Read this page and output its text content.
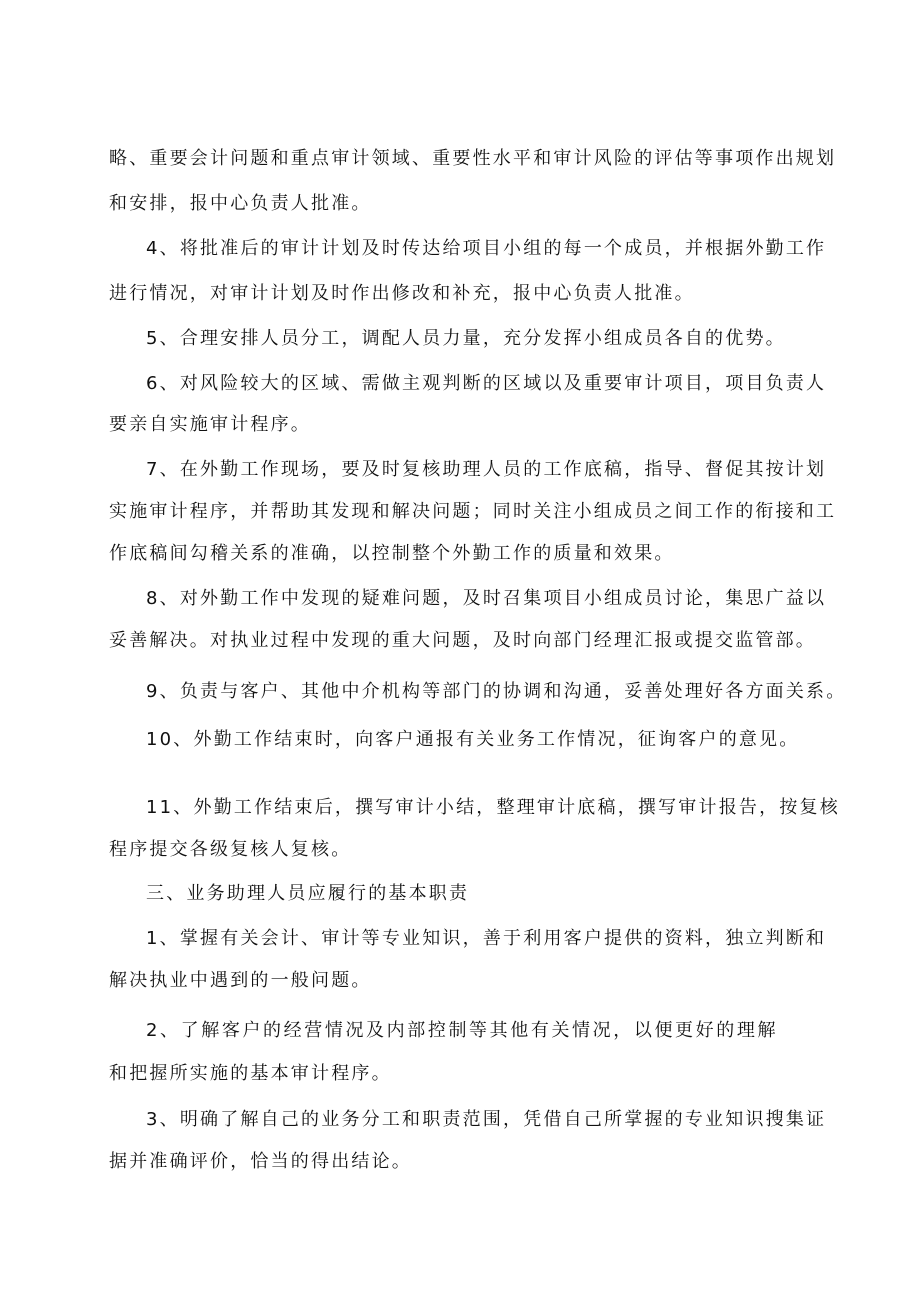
略、重要会计问题和重点审计领域、重要性水平和审计风险的评估等事项作出规划
和安排，报中心负责人批准。
4、将批准后的审计计划及时传达给项目小组的每一个成员，并根据外勤工作
进行情况，对审计计划及时作出修改和补充，报中心负责人批准。
5、合理安排人员分工，调配人员力量，充分发挥小组成员各自的优势。
6、对风险较大的区域、需做主观判断的区域以及重要审计项目，项目负责人
要亲自实施审计程序。
7、在外勤工作现场，要及时复核助理人员的工作底稿，指导、督促其按计划
实施审计程序，并帮助其发现和解决问题；同时关注小组成员之间工作的衔接和工
作底稿间勾稽关系的准确，以控制整个外勤工作的质量和效果。
8、对外勤工作中发现的疑难问题，及时召集项目小组成员讨论，集思广益以
妥善解决。对执业过程中发现的重大问题，及时向部门经理汇报或提交监管部。
9、负责与客户、其他中介机构等部门的协调和沟通，妥善处理好各方面关系。
10、外勤工作结束时，向客户通报有关业务工作情况，征询客户的意见。
11、外勤工作结束后，撰写审计小结，整理审计底稿，撰写审计报告，按复核
程序提交各级复核人复核。
三、业务助理人员应履行的基本职责
1、掌握有关会计、审计等专业知识，善于利用客户提供的资料，独立判断和
解决执业中遇到的一般问题。
2、了解客户的经营情况及内部控制等其他有关情况，以便更好的理解
和把握所实施的基本审计程序。
3、明确了解自己的业务分工和职责范围，凭借自己所掌握的专业知识搜集证
据并准确评价，恰当的得出结论。
